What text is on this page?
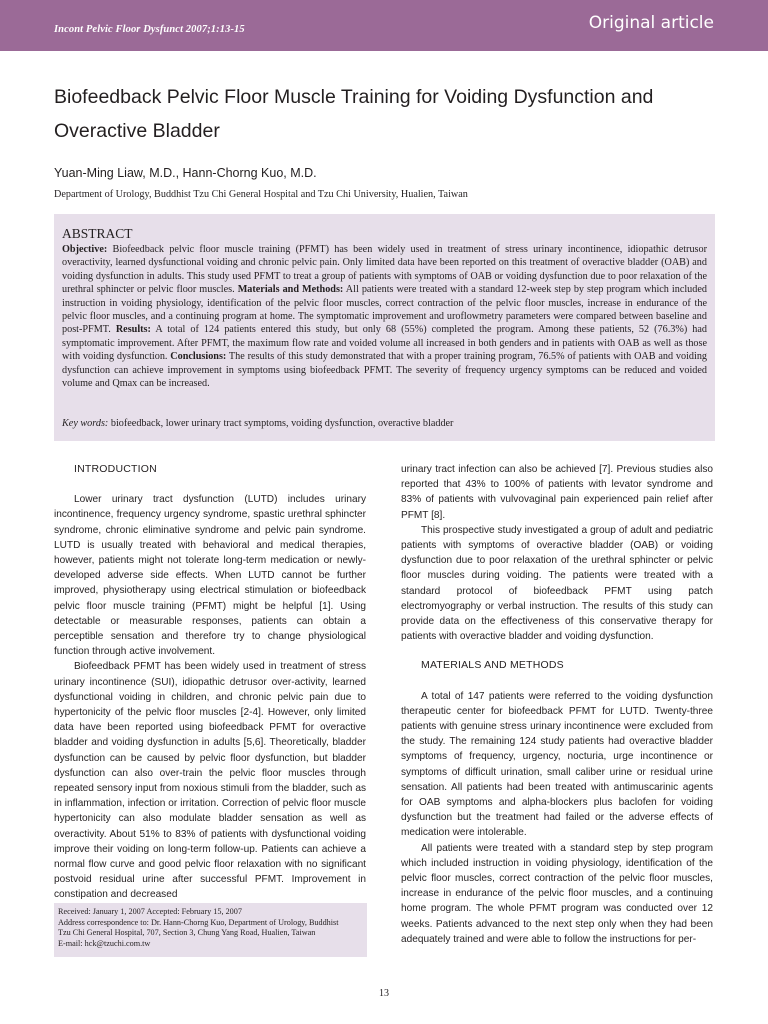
Incont Pelvic Floor Dysfunct 2007;1:13-15	Original article
Biofeedback Pelvic Floor Muscle Training for Voiding Dysfunction and Overactive Bladder
Yuan-Ming Liaw, M.D., Hann-Chorng Kuo, M.D.
Department of Urology, Buddhist Tzu Chi General Hospital and Tzu Chi University, Hualien, Taiwan
ABSTRACT
Objective: Biofeedback pelvic floor muscle training (PFMT) has been widely used in treatment of stress urinary incontinence, idiopathic detrusor overactivity, learned dysfunctional voiding and chronic pelvic pain. Only limited data have been reported on this treatment of overactive bladder (OAB) and voiding dysfunction in adults. This study used PFMT to treat a group of patients with symptoms of OAB or voiding dysfunction due to poor relaxation of the urethral sphincter or pelvic floor muscles. Materials and Methods: All patients were treated with a standard 12-week step by step program which included instruction in voiding physiology, identification of the pelvic floor muscles, correct contraction of the pelvic floor muscles, increase in endurance of the pelvic floor muscles, and a continuing program at home. The symptomatic improvement and uroflowmetry parameters were compared between baseline and post-PFMT. Results: A total of 124 patients entered this study, but only 68 (55%) completed the program. Among these patients, 52 (76.3%) had symptomatic improvement. After PFMT, the maximum flow rate and voided volume all increased in both genders and in patients with OAB as well as those with voiding dysfunction. Conclusions: The results of this study demonstrated that with a proper training program, 76.5% of patients with OAB and voiding dysfunction can achieve improvement in symptoms using biofeedback PFMT. The severity of frequency urgency symptoms can be reduced and voided volume and Qmax can be increased.
Key words: biofeedback, lower urinary tract symptoms, voiding dysfunction, overactive bladder

INTRODUCTION

Lower urinary tract dysfunction (LUTD) includes urinary incontinence, frequency urgency syndrome, spastic urethral sphincter syndrome, chronic eliminative syndrome and pelvic pain syndrome. LUTD is usually treated with behavioral and medical therapies, however, patients might not tolerate long-term medication or newly- developed adverse side effects. When LUTD cannot be further improved, physiotherapy using electrical stimulation or biofeedback pelvic floor muscle training (PFMT) might be helpful [1]. Using detectable or measurable responses, patients can obtain a perceptible sensation and therefore try to change physiological function through active involvement.

Biofeedback PFMT has been widely used in treatment of stress urinary incontinence (SUI), idiopathic detrusor over-activity, learned dysfunctional voiding in children, and chronic pelvic pain due to hypertonicity of the pelvic floor muscles [2-4]. However, only limited data have been reported using biofeedback PFMT for overactive bladder and voiding dysfunction in adults [5,6]. Theoretically, bladder dysfunction can be caused by pelvic floor dysfunction, but bladder dysfunction can also over-train the pelvic floor muscles through repeated sensory input from noxious stimuli from the bladder, such as in inflammation, infection or irritation. Correction of pelvic floor muscle hypertonicity can also modulate bladder sensation as well as overactivity. About 51% to 83% of patients with dysfunctional voiding improve their voiding on long-term follow-up. Patients can achieve a normal flow curve and good pelvic floor relaxation with no significant postvoid residual urine after successful PFMT. Improvement in constipation and decreased

urinary tract infection can also be achieved [7]. Previous studies also reported that 43% to 100% of patients with levator syndrome and 83% of patients with vulvovaginal pain experienced pain relief after PFMT [8].

This prospective study investigated a group of adult and pediatric patients with symptoms of overactive bladder (OAB) or voiding dysfunction due to poor relaxation of the urethral sphincter or pelvic floor muscles during voiding. The patients were treated with a standard protocol of biofeedback PFMT using patch electromyography or verbal instruction. The results of this study can provide data on the effectiveness of this conservative therapy for patients with overactive bladder and voiding dysfunction.

MATERIALS AND METHODS

A total of 147 patients were referred to the voiding dysfunction therapeutic center for biofeedback PFMT for LUTD. Twenty-three patients with genuine stress urinary incontinence were excluded from the study. The remaining 124 study patients had overactive bladder symptoms of frequency, urgency, nocturia, urge incontinence or symptoms of difficult urination, small caliber urine or residual urine sensation. All patients had been treated with antimuscarinic agents for OAB symptoms and alpha-blockers plus baclofen for voiding dysfunction but the treatment had failed or the adverse effects of medication were intolerable.

All patients were treated with a standard step by step program which included instruction in voiding physiology, identification of the pelvic floor muscles, correct contraction of the pelvic floor muscles, increase in endurance of the pelvic floor muscles, and a continuing home program. The whole PFMT program was conducted over 12 weeks. Patients advanced to the next step only when they had been adequately trained and were able to follow the instructions for per-

Received: January 1, 2007 Accepted: February 15, 2007
Address correspondence to: Dr. Hann-Chorng Kuo, Department of Urology, Buddhist
Tzu Chi General Hospital, 707, Section 3, Chung Yang Road, Hualien, Taiwan
E-mail: hck@tzuchi.com.tw
13
